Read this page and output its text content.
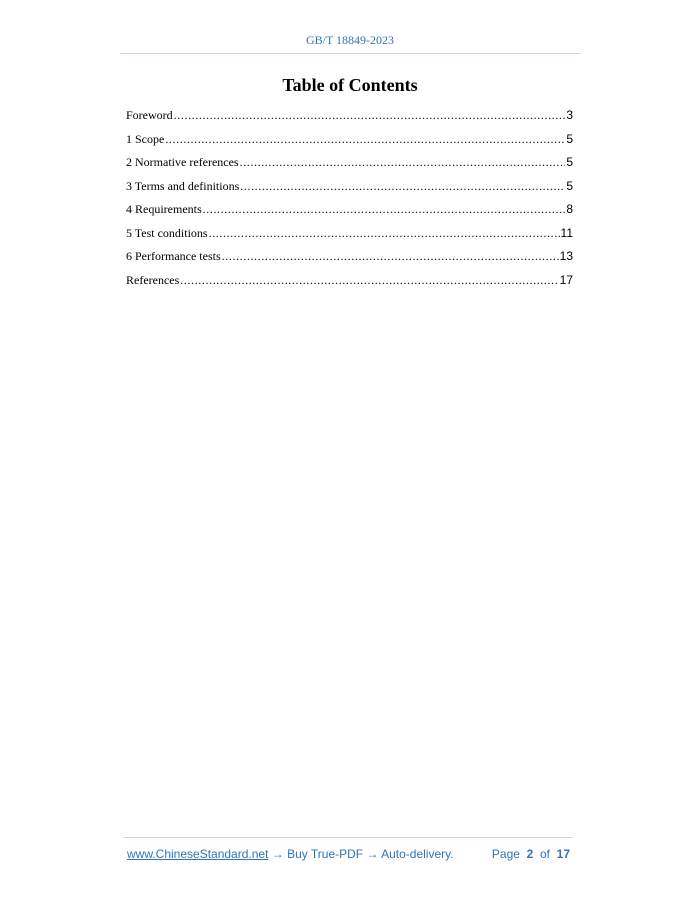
GB/T 18849-2023
Table of Contents
Foreword .....	3
1 Scope .....	5
2 Normative references .....	5
3 Terms and definitions .....	5
4 Requirements .....	8
5 Test conditions .....	11
6 Performance tests .....	13
References .....	17
www.ChineseStandard.net → Buy True-PDF → Auto-delivery.	Page 2 of 17
